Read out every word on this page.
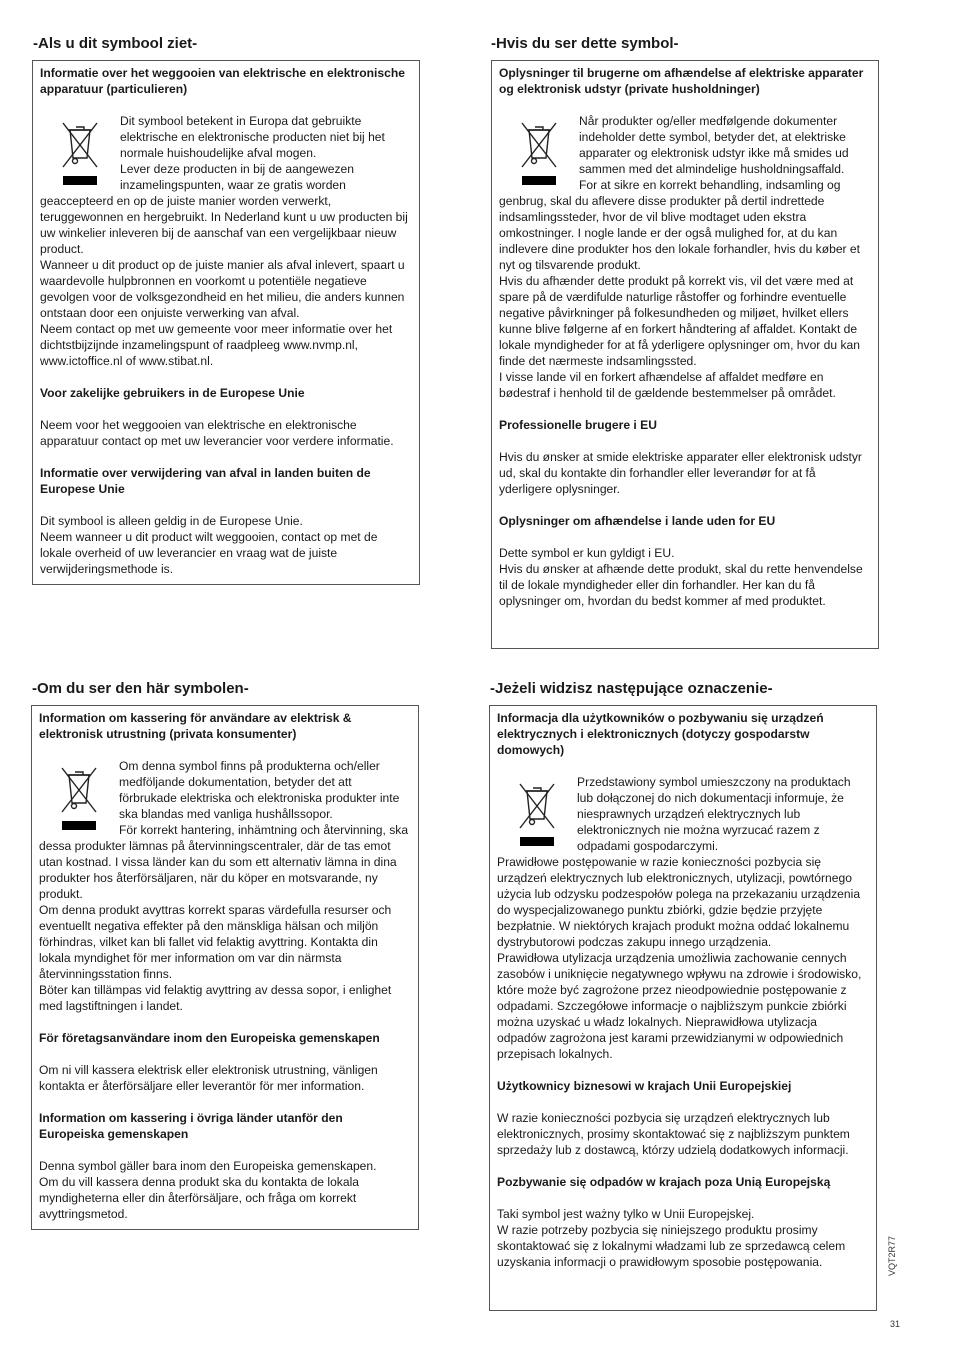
-Als u dit symbool ziet-

Informatie over het weggooien van elektrische en elektronische apparatuur (particulieren)

Dit symbool betekent in Europa dat gebruikte elektrische en elektronische producten niet bij het normale huishoudelijke afval mogen.
Lever deze producten in bij de aangewezen inzamelingspunten, waar ze gratis worden geaccepteerd en op de juiste manier worden verwerkt, teruggewonnen en hergebruikt. In Nederland kunt u uw producten bij uw winkelier inleveren bij de aanschaf van een vergelijkbaar nieuw product.
Wanneer u dit product op de juiste manier als afval inlevert, spaart u waardevolle hulpbronnen en voorkomt u potentiële negatieve gevolgen voor de volksgezondheid en het milieu, die anders kunnen ontstaan door een onjuiste verwerking van afval.
Neem contact op met uw gemeente voor meer informatie over het dichtstbijzijnde inzamelingspunt of raadpleeg www.nvmp.nl, www.ictoffice.nl of www.stibat.nl.

Voor zakelijke gebruikers in de Europese Unie

Neem voor het weggooien van elektrische en elektronische apparatuur contact op met uw leverancier voor verdere informatie.

Informatie over verwijdering van afval in landen buiten de Europese Unie

Dit symbool is alleen geldig in de Europese Unie.
Neem wanneer u dit product wilt weggooien, contact op met de lokale overheid of uw leverancier en vraag wat de juiste verwijderingsmethode is.

-Hvis du ser dette symbol-

Oplysninger til brugerne om afhændelse af elektriske apparater og elektronisk udstyr (private husholdninger)

Når produkter og/eller medfølgende dokumenter indeholder dette symbol, betyder det, at elektriske apparater og elektronisk udstyr ikke må smides ud sammen med det almindelige husholdningsaffald.
For at sikre en korrekt behandling, indsamling og genbrug, skal du aflevere disse produkter på dertil indrettede indsamlingssteder, hvor de vil blive modtaget uden ekstra omkostninger. I nogle lande er der også mulighed for, at du kan indlevere dine produkter hos den lokale forhandler, hvis du køber et nyt og tilsvarende produkt.
Hvis du afhænder dette produkt på korrekt vis, vil det være med at spare på de værdifulde naturlige råstoffer og forhindre eventuelle negative påvirkninger på folkesundheden og miljøet, hvilket ellers kunne blive følgerne af en forkert håndtering af affaldet. Kontakt de lokale myndigheder for at få yderligere oplysninger om, hvor du kan finde det nærmeste indsamlingssted.
I visse lande vil en forkert afhændelse af affaldet medføre en bødestraf i henhold til de gældende bestemmelser på området.

Professionelle brugere i EU

Hvis du ønsker at smide elektriske apparater eller elektronisk udstyr ud, skal du kontakte din forhandler eller leverandør for at få yderligere oplysninger.

Oplysninger om afhændelse i lande uden for EU

Dette symbol er kun gyldigt i EU.
Hvis du ønsker at afhænde dette produkt, skal du rette henvendelse til de lokale myndigheder eller din forhandler. Her kan du få oplysninger om, hvordan du bedst kommer af med produktet.

-Om du ser den här symbolen-

Information om kassering för användare av elektrisk & elektronisk utrustning (privata konsumenter)

Om denna symbol finns på produkterna och/eller medföljande dokumentation, betyder det att förbrukade elektriska och elektroniska produkter inte ska blandas med vanliga hushållssopor.
För korrekt hantering, inhämtning och återvinning, ska dessa produkter lämnas på återvinningscentraler, där de tas emot utan kostnad. I vissa länder kan du som ett alternativ lämna in dina produkter hos återförsäljaren, när du köper en motsvarande, ny produkt.
Om denna produkt avyttras korrekt sparas värdefulla resurser och eventuellt negativa effekter på den mänskliga hälsan och miljön förhindras, vilket kan bli fallet vid felaktig avyttring. Kontakta din lokala myndighet för mer information om var din närmsta återvinningsstation finns.
Böter kan tillämpas vid felaktig avyttring av dessa sopor, i enlighet med lagstiftningen i landet.

För företagsanvändare inom den Europeiska gemenskapen

Om ni vill kassera elektrisk eller elektronisk utrustning, vänligen kontakta er återförsäljare eller leverantör för mer information.

Information om kassering i övriga länder utanför den Europeiska gemenskapen

Denna symbol gäller bara inom den Europeiska gemenskapen.
Om du vill kassera denna produkt ska du kontakta de lokala myndigheterna eller din återförsäljare, och fråga om korrekt avyttringsmetod.

-Jeżeli widzisz następujące oznaczenie-

Informacja dla użytkowników o pozbywaniu się urządzeń elektrycznych i elektronicznych (dotyczy gospodarstw domowych)

Przedstawiony symbol umieszczony na produktach lub dołączonej do nich dokumentacji informuje, że niesprawnych urządzeń elektrycznych lub elektronicznych nie można wyrzucać razem z odpadami gospodarczymi.
Prawidłowe postępowanie w razie konieczności pozbycia się urządzeń elektrycznych lub elektronicznych, utylizacji, powtórnego użycia lub odzysku podzespołów polega na przekazaniu urządzenia do wyspecjalizowanego punktu zbiórki, gdzie będzie przyjęte bezpłatnie. W niektórych krajach produkt można oddać lokalnemu dystrybutorowi podczas zakupu innego urządzenia.
Prawidłowa utylizacja urządzenia umożliwia zachowanie cennych zasobów i uniknięcie negatywnego wpływu na zdrowie i środowisko, które może być zagrożone przez nieodpowiednie postępowanie z odpadami. Szczegółowe informacje o najbliższym punkcie zbiórki można uzyskać u władz lokalnych. Nieprawidłowa utylizacja odpadów zagrożona jest karami przewidzianymi w odpowiednich przepisach lokalnych.

Użytkownicy biznesowi w krajach Unii Europejskiej

W razie konieczności pozbycia się urządzeń elektrycznych lub elektronicznych, prosimy skontaktować się z najbliższym punktem sprzedaży lub z dostawcą, którzy udzielą dodatkowych informacji.

Pozbywanie się odpadów w krajach poza Unią Europejską

Taki symbol jest ważny tylko w Unii Europejskej.
W razie potrzeby pozbycia się niniejszego produktu prosimy skontaktować się z lokalnymi władzami lub ze sprzedawcą celem uzyskania informacji o prawidłowym sposobie postępowania.	VQT2R77
31
